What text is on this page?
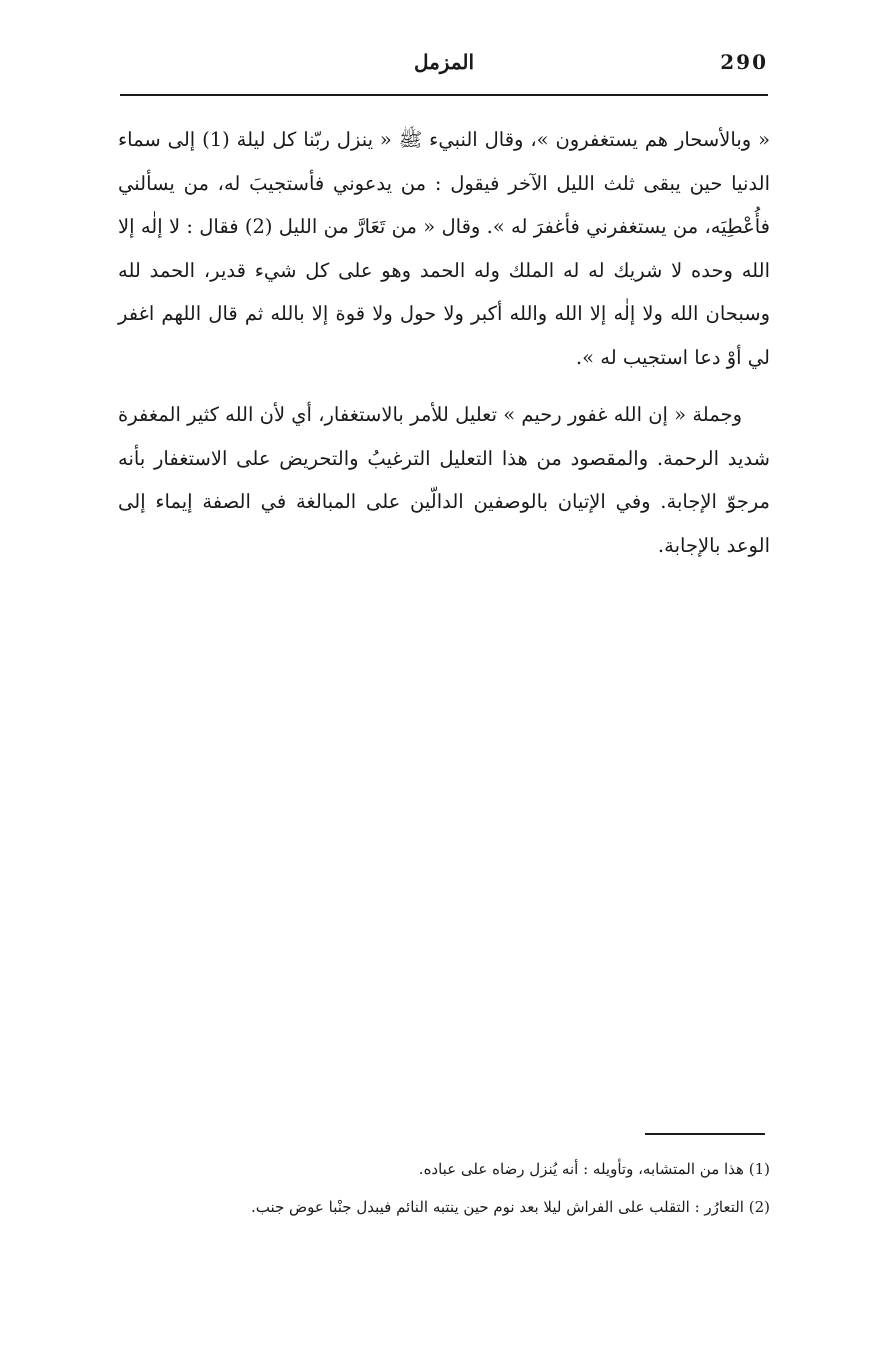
290
المزمل

« وبالأسحار هم يستغفرون »، وقال النبيء ﷺ « ينزل ربّنا كل ليلة (1) إلى سماء الدنيا حين يبقى ثلث الليل الآخر فيقول : من يدعوني فأستجيبَ له، من يسألني فأُعْطِيَه، من يستغفرني فأغفرَ له ». وقال « من تَعَارَّ من الليل (2) فقال : لا إلٰه إلا الله وحده لا شريك له له الملك وله الحمد وهو على كل شيء قدير، الحمد لله وسبحان الله ولا إلٰه إلا الله والله أكبر ولا حول ولا قوة إلا بالله ثم قال اللهم اغفر لي أوْ دعا استجيب له ».

وجملة « إن الله غفور رحيم » تعليل للأمر بالاستغفار، أي لأن الله كثير المغفرة شديد الرحمة. والمقصود من هذا التعليل الترغيبُ والتحريض على الاستغفار بأنه مرجوّ الإجابة. وفي الإتيان بالوصفين الدالّين على المبالغة في الصفة إيماء إلى الوعد بالإجابة.

(1) هذا من المتشابه، وتأويله : أنه يُنزل رضاه على عباده.

(2) التعارُر : التقلب على الفراش ليلا بعد نوم حين ينتبه النائم فيبدل جنْبا عوض جنب.
